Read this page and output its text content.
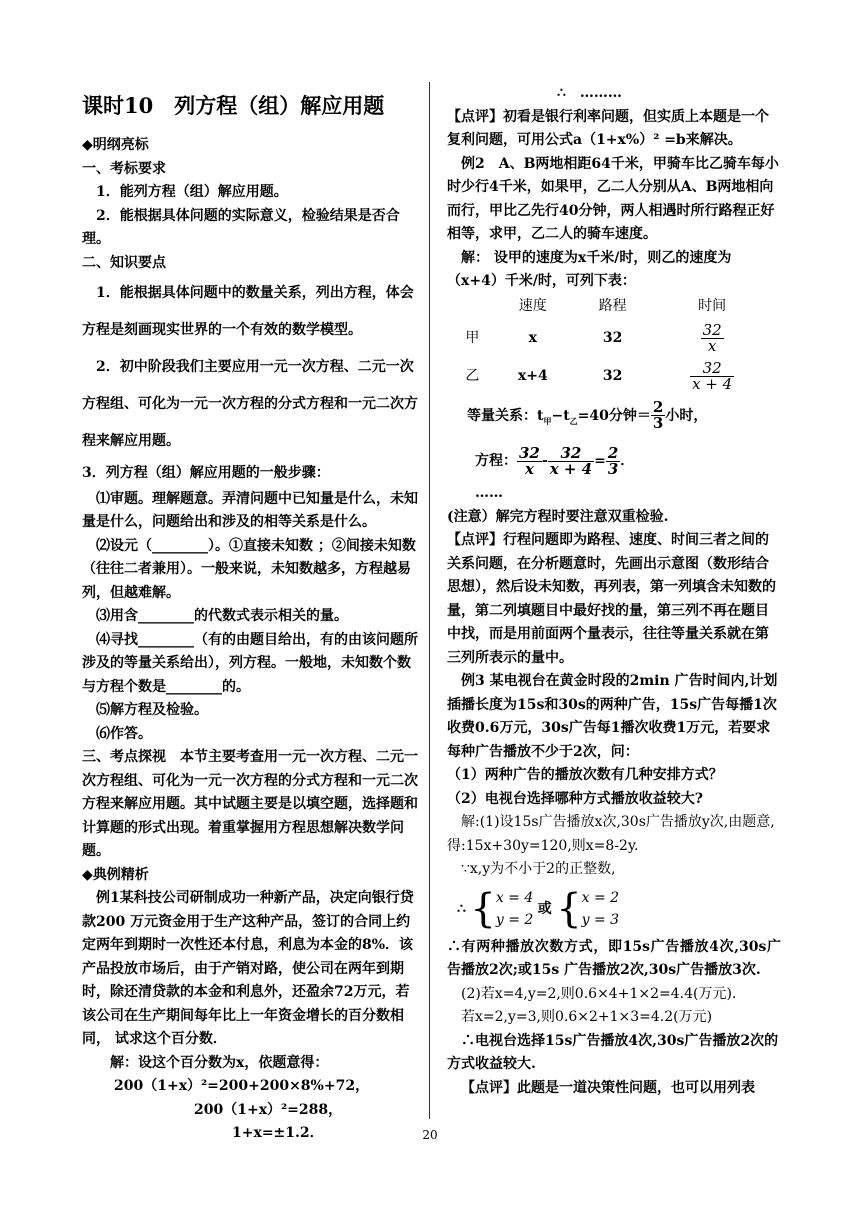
课时10　列方程（组）解应用题

◆明纲亮标

一、考标要求

1．能列方程（组）解应用题。

2．能根据具体问题的实际意义，检验结果是否合理。

二、知识要点

1．能根据具体问题中的数量关系，列出方程，体会方程是刻画现实世界的一个有效的数学模型。

2．初中阶段我们主要应用一元一次方程、二元一次方程组、可化为一元一次方程的分式方程和一元二次方程来解应用题。

3．列方程（组）解应用题的一般步骤：

⑴审题。理解题意。弄清问题中已知量是什么，未知量是什么，问题给出和涉及的相等关系是什么。

⑵设元（________）。①直接未知数 ；②间接未知数（往往二者兼用）。一般来说，未知数越多，方程越易列，但越难解。

⑶用含________的代数式表示相关的量。

⑷寻找________（有的由题目给出，有的由该问题所涉及的等量关系给出），列方程。一般地，未知数个数与方程个数是________的。

⑸解方程及检验。

⑹作答。

三、考点探视　本节主要考查用一元一次方程、二元一次方程组、可化为一元一次方程的分式方程和一元二次方程来解应用题。其中试题主要是以填空题，选择题和计算题的形式出现。着重掌握用方程思想解决数学问题。

◆典例精析

例1某科技公司研制成功一种新产品，决定向银行贷款200 万元资金用于生产这种产品，签订的合同上约定两年到期时一次性还本付息，利息为本金的8%．该产品投放市场后，由于产销对路，使公司在两年到期时，除还清贷款的本金和利息外，还盈余72万元，若该公司在生产期间每年比上一年资金增长的百分数相同， 试求这个百分数．

解：设这个百分数为x，依题意得：

200（1+x）²=200+200×8%+72，

200（1+x）²=288，

1+x=±1.2．

∴　………

【点评】初看是银行利率问题，但实质上本题是一个复利问题，可用公式a（1+x%）² =b来解决。

例2　A、B两地相距64千米，甲骑车比乙骑车每小时少行4千米，如果甲，乙二人分别从A、B两地相向而行，甲比乙先行40分钟，两人相遇时所行路程正好相等，求甲，乙二人的骑车速度。

解： 设甲的速度为x千米/时，则乙的速度为（x+4）千米/时，可列下表：

	速度	路程	时间
甲	x	32	$\frac{32}{x}$

乙	x+4	32	$\frac{32}{x + 4}$

等量关系：$t_甲-t_乙=40$分钟＝ $\frac{2}{3}$ 小时，

方程： $\frac{32}{x} - \frac{32}{x + 4} = \frac{2}{3}$ ．

……

(注意）解完方程时要注意双重检验.

【点评】行程问题即为路程、速度、时间三者之间的关系问题，在分析题意时，先画出示意图（数形结合思想），然后设未知数，再列表，第一列填含未知数的量，第二列填题目中最好找的量，第三列不再在题目中找，而是用前面两个量表示，往往等量关系就在第三列所表示的量中。

例3 某电视台在黄金时段的2min 广告时间内,计划插播长度为15s和30s的两种广告，15s广告每播1次收费0.6万元，30s广告每1播次收费1万元，若要求每种广告播放不少于2次，问：

（1）两种广告的播放次数有几种安排方式？

（2）电视台选择哪种方式播放收益较大?

解:(1)设15s广告播放x次,30s广告播放y次,由题意,得:15x+30y=120,则x=8-2y.

∵x,y为不小于2的正整数,

∴ { x = 4
y = 2
或 { x = 2
y = 3

∴有两种播放次数方式，即15s广告播放4次,30s广告播放2次;或15s 广告播放2次,30s广告播放3次.

(2)若x=4,y=2,则0.6×4+1×2=4.4(万元).

若x=2,y=3,则0.6×2+1×3=4.2(万元)

∴电视台选择15s广告播放4次,30s广告播放2次的方式收益较大.

【点评】此题是一道决策性问题，也可以用列表

20
